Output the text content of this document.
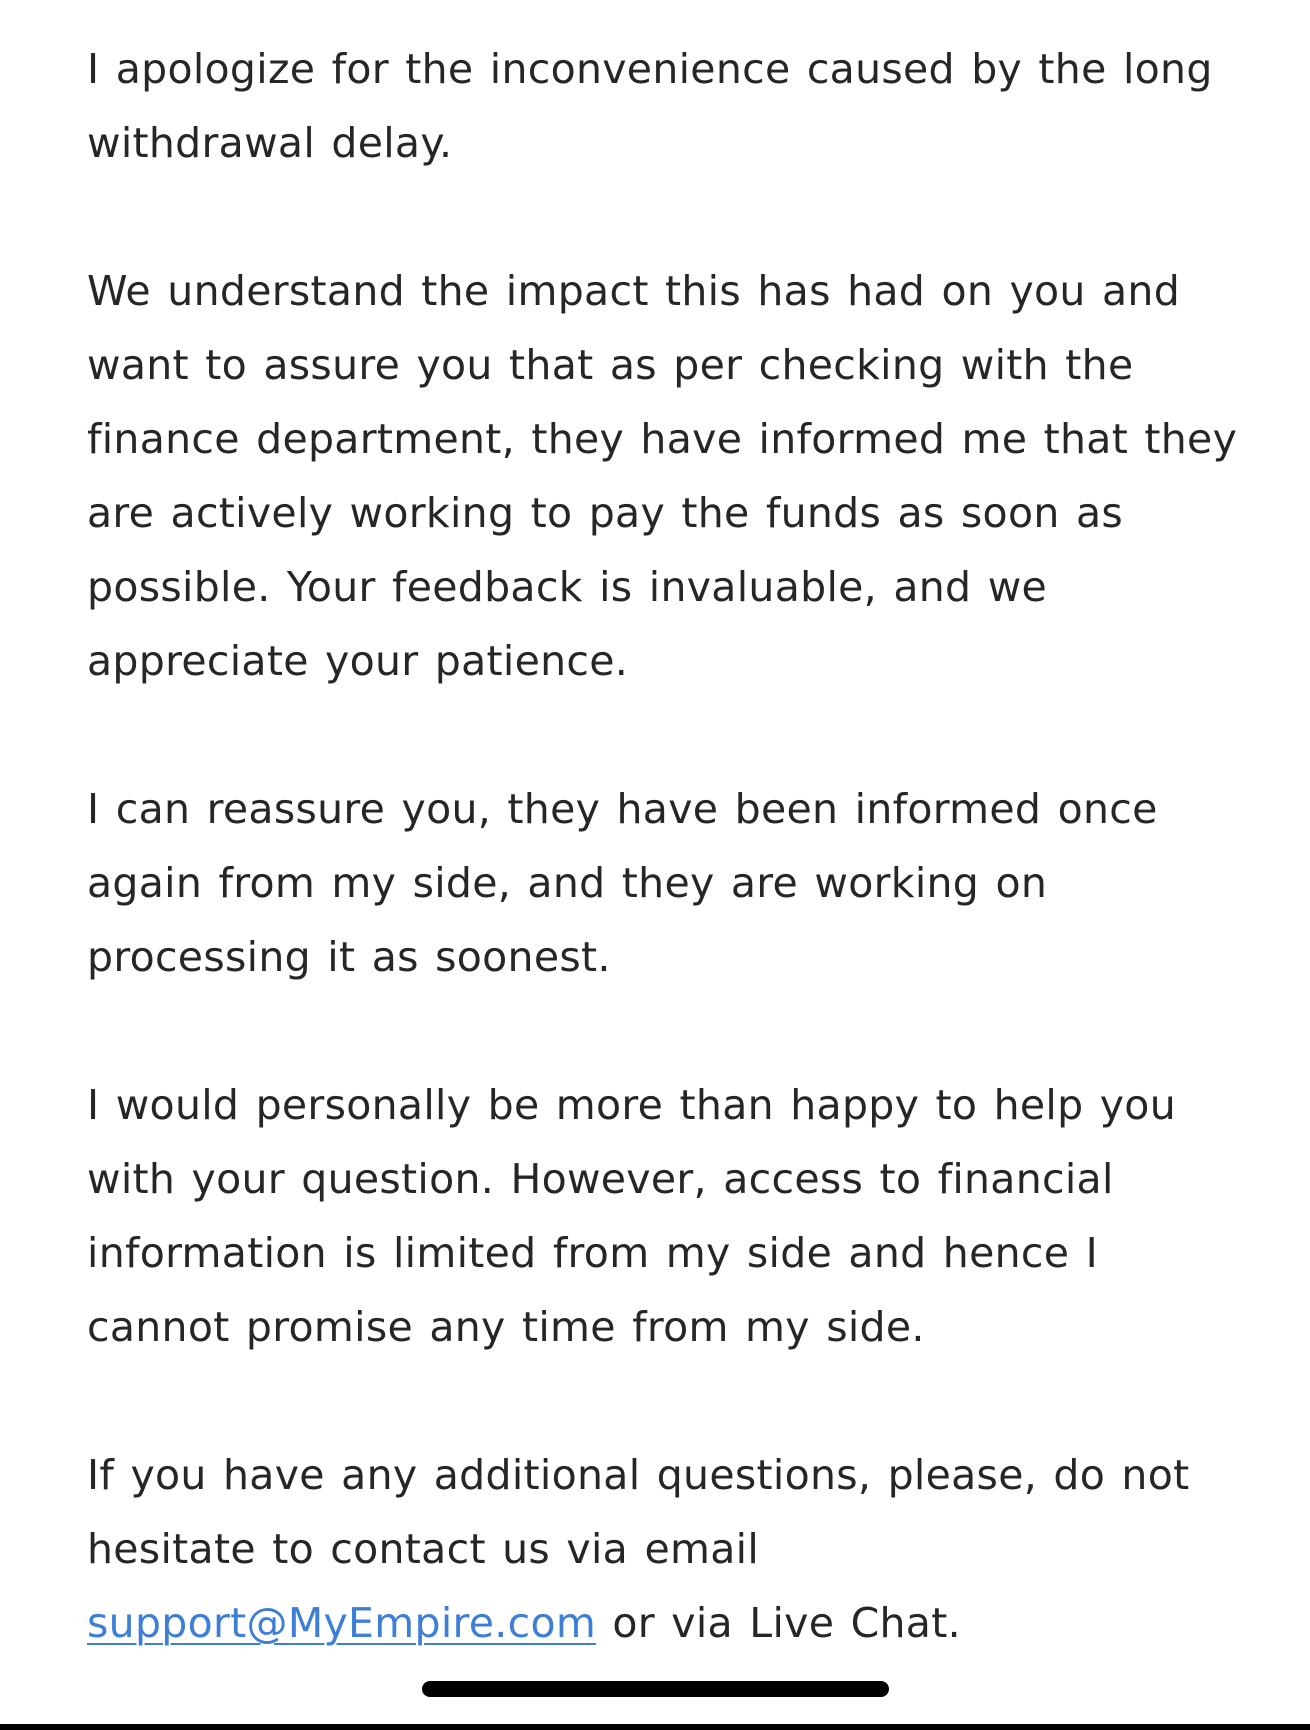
I apologize for the inconvenience caused by the long withdrawal delay.

We understand the impact this has had on you and want to assure you that as per checking with the finance department, they have informed me that they are actively working to pay the funds as soon as possible. Your feedback is invaluable, and we appreciate your patience.

I can reassure you, they have been informed once again from my side, and they are working on processing it as soonest.

I would personally be more than happy to help you with your question. However, access to financial information is limited from my side and hence I cannot promise any time from my side.

If you have any additional questions, please, do not hesitate to contact us via email support@MyEmpire.com or via Live Chat.
